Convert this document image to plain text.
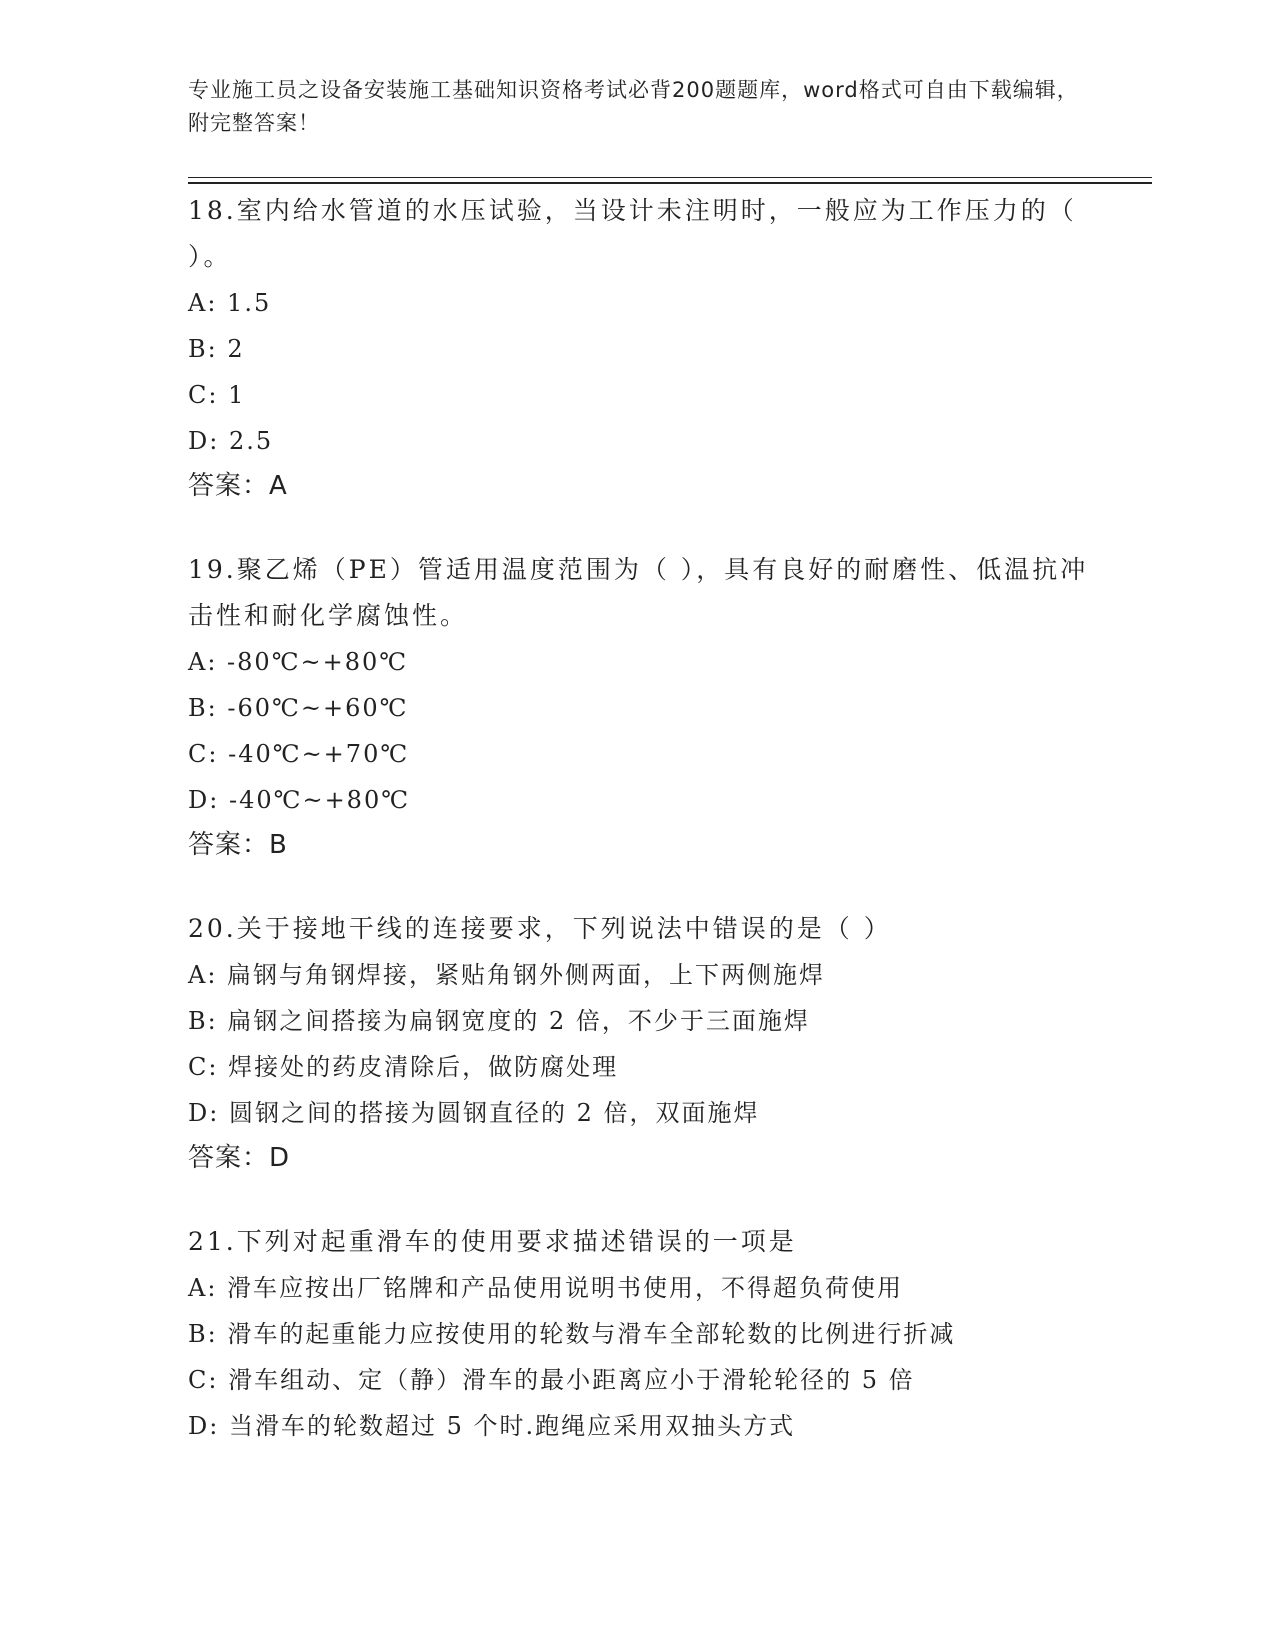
专业施工员之设备安装施工基础知识资格考试必背200题题库，word格式可自由下载编辑，附完整答案！
18.室内给水管道的水压试验，当设计未注明时，一般应为工作压力的（ ）。
A: 1.5
B: 2
C: 1
D: 2.5
答案：A
19.聚乙烯（PE）管适用温度范围为（ ），具有良好的耐磨性、低温抗冲击性和耐化学腐蚀性。
A: -80℃~+80℃
B: -60℃~+60℃
C: -40℃~+70℃
D: -40℃~+80℃
答案：B
20.关于接地干线的连接要求，下列说法中错误的是（ ）
A: 扁钢与角钢焊接，紧贴角钢外侧两面，上下两侧施焊
B: 扁钢之间搭接为扁钢宽度的 2 倍，不少于三面施焊
C: 焊接处的药皮清除后，做防腐处理
D: 圆钢之间的搭接为圆钢直径的 2 倍，双面施焊
答案：D
21.下列对起重滑车的使用要求描述错误的一项是
A: 滑车应按出厂铭牌和产品使用说明书使用，不得超负荷使用
B: 滑车的起重能力应按使用的轮数与滑车全部轮数的比例进行折减
C: 滑车组动、定（静）滑车的最小距离应小于滑轮轮径的 5 倍
D: 当滑车的轮数超过 5 个时.跑绳应采用双抽头方式
